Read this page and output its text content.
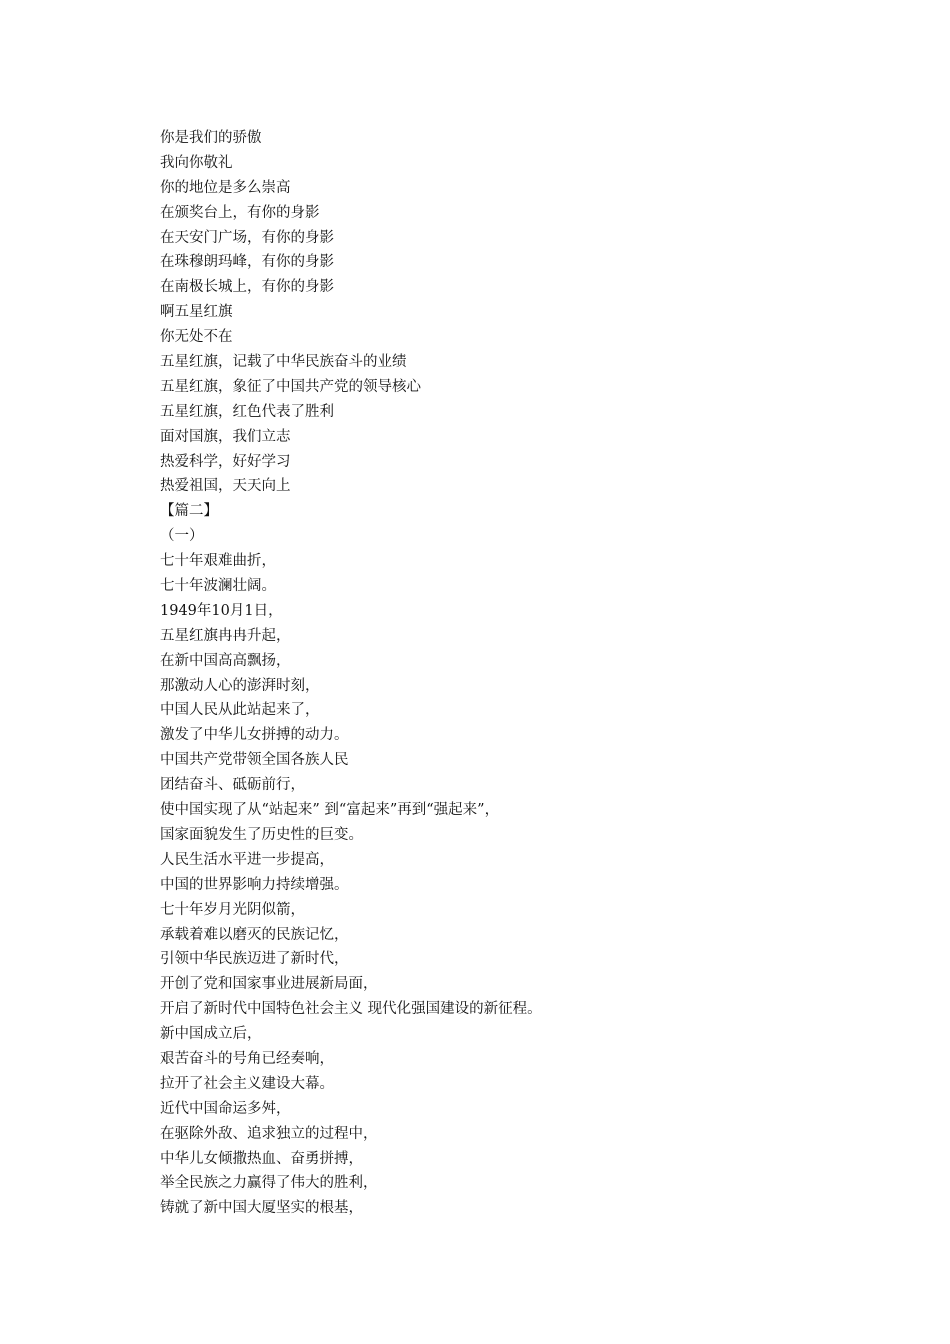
你是我们的骄傲
我向你敬礼
你的地位是多么崇高
在颁奖台上，有你的身影
在天安门广场，有你的身影
在珠穆朗玛峰，有你的身影
在南极长城上，有你的身影
啊五星红旗
你无处不在
五星红旗，记载了中华民族奋斗的业绩
五星红旗，象征了中国共产党的领导核心
五星红旗，红色代表了胜利
面对国旗，我们立志
热爱科学，好好学习
热爱祖国，天天向上
【篇二】
（一）
七十年艰难曲折，
七十年波澜壮阔。
1949年10月1日，
五星红旗冉冉升起，
在新中国高高飘扬，
那激动人心的澎湃时刻，
中国人民从此站起来了，
激发了中华儿女拼搏的动力。
中国共产党带领全国各族人民
团结奋斗、砥砺前行，
使中国实现了从“站起来” 到“富起来”再到“强起来”，
国家面貌发生了历史性的巨变。
人民生活水平进一步提高，
中国的世界影响力持续增强。
七十年岁月光阴似箭，
承载着难以磨灭的民族记忆，
引领中华民族迈进了新时代，
开创了党和国家事业进展新局面，
开启了新时代中国特色社会主义 现代化强国建设的新征程。
新中国成立后，
艰苦奋斗的号角已经奏响，
拉开了社会主义建设大幕。
近代中国命运多舛，
在驱除外敌、追求独立的过程中，
中华儿女倾撒热血、奋勇拼搏，
举全民族之力赢得了伟大的胜利，
铸就了新中国大厦坚实的根基，
